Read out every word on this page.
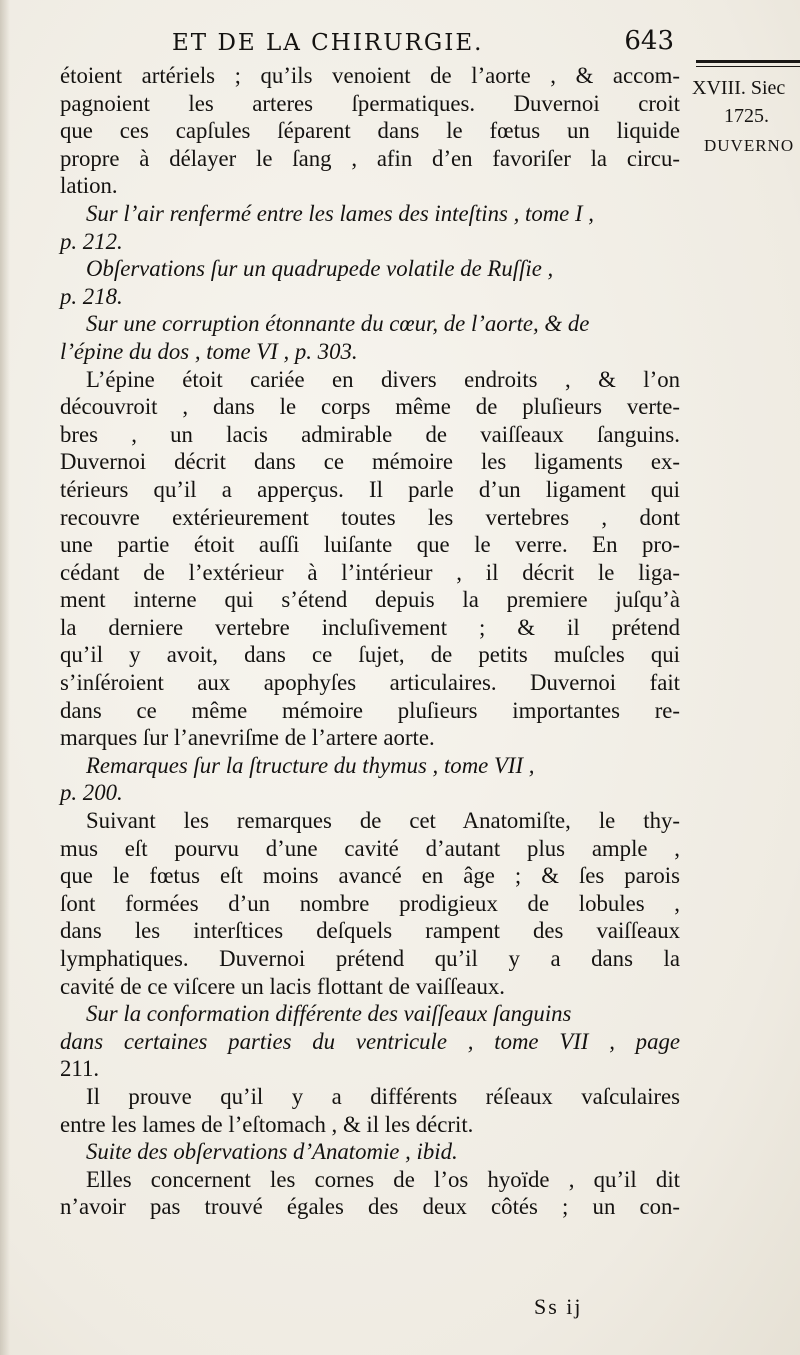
ET DE LA CHIRURGIE.	643
XVIII. Siec
1725.
DUVERNO
étoient artériels ; qu’ils venoient de l’aorte , & accom-
pagnoient les arteres ſpermatiques. Duvernoi croit
que ces capſules ſéparent dans le fœtus un liquide
propre à délayer le ſang , afin d’en favoriſer la circu-
lation.
Sur l’air renfermé entre les lames des inteſtins , tome I ,
p. 212.
Obſervations ſur un quadrupede volatile de Ruſſie ,
p. 218.
Sur une corruption étonnante du cœur, de l’aorte, & de
l’épine du dos , tome VI , p. 303.
L’épine étoit cariée en divers endroits , & l’on
découvroit , dans le corps même de pluſieurs verte-
bres , un lacis admirable de vaiſſeaux ſanguins.
Duvernoi décrit dans ce mémoire les ligaments ex-
térieurs qu’il a apperçus. Il parle d’un ligament qui
recouvre extérieurement toutes les vertebres , dont
une partie étoit auſſi luiſante que le verre. En pro-
cédant de l’extérieur à l’intérieur , il décrit le liga-
ment interne qui s’étend depuis la premiere juſqu’à
la derniere vertebre incluſivement ; & il prétend
qu’il y avoit, dans ce ſujet, de petits muſcles qui
s’inſéroient aux apophyſes articulaires. Duvernoi fait
dans ce même mémoire pluſieurs importantes re-
marques ſur l’anevriſme de l’artere aorte.
Remarques ſur la ſtructure du thymus , tome VII ,
p. 200.
Suivant les remarques de cet Anatomiſte, le thy-
mus eſt pourvu d’une cavité d’autant plus ample ,
que le fœtus eſt moins avancé en âge ; & ſes parois
ſont formées d’un nombre prodigieux de lobules ,
dans les interſtices deſquels rampent des vaiſſeaux
lymphatiques. Duvernoi prétend qu’il y a dans la
cavité de ce viſcere un lacis flottant de vaiſſeaux.
Sur la conformation différente des vaiſſeaux ſanguins
dans certaines parties du ventricule , tome VII , page
211.
Il prouve qu’il y a différents réſeaux vaſculaires
entre les lames de l’eſtomach , & il les décrit.
Suite des obſervations d’Anatomie , ibid.
Elles concernent les cornes de l’os hyoïde , qu’il dit
n’avoir pas trouvé égales des deux côtés ; un con-
Ss ij
